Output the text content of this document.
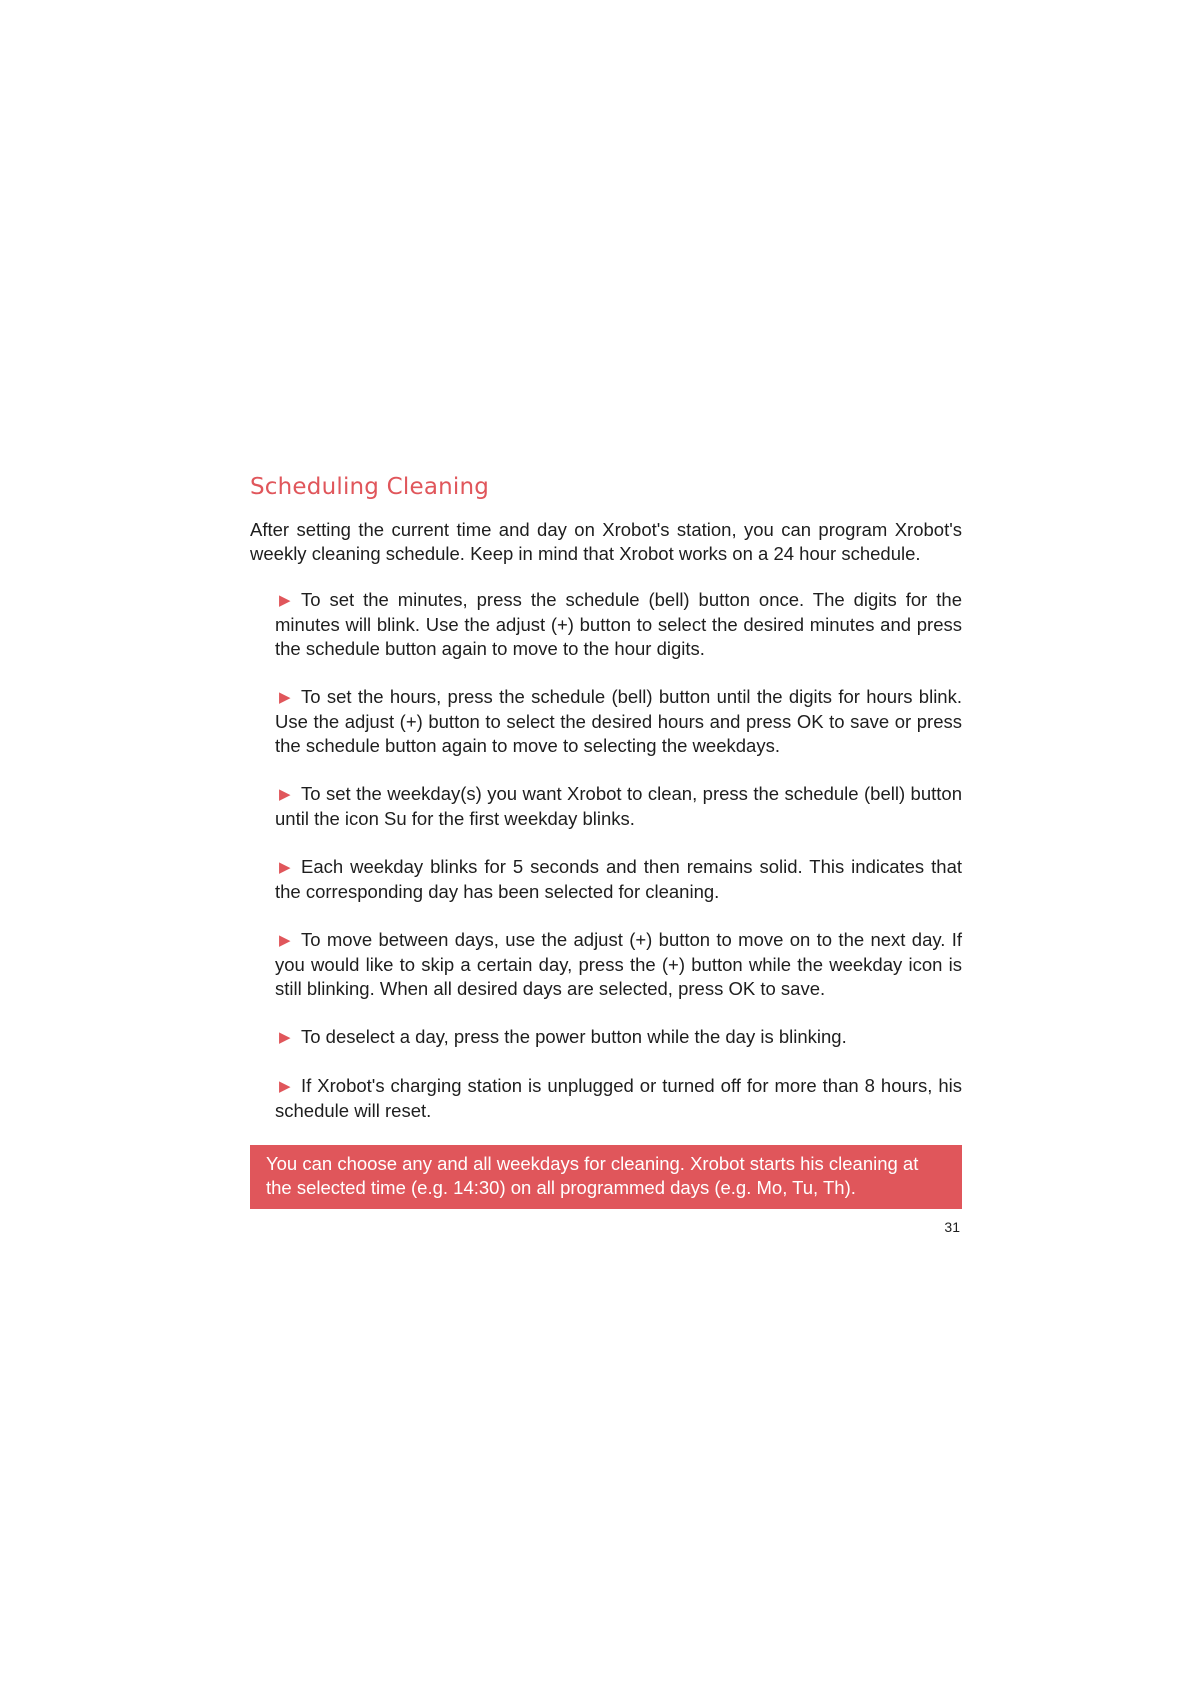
Scheduling Cleaning

After setting the current time and day on Xrobot's station, you can program Xrobot's weekly cleaning schedule. Keep in mind that Xrobot works on a 24 hour schedule.

▶ To set the minutes, press the schedule (bell) button once. The digits for the minutes will blink. Use the adjust (+) button to select the desired minutes and press the schedule button again to move to the hour digits.
▶ To set the hours, press the schedule (bell) button until the digits for hours blink. Use the adjust (+) button to select the desired hours and press OK to save or press the schedule button again to move to selecting the weekdays.
▶ To set the weekday(s) you want Xrobot to clean, press the schedule (bell) button until the icon Su for the first weekday blinks.
▶ Each weekday blinks for 5 seconds and then remains solid. This indicates that the corresponding day has been selected for cleaning.
▶ To move between days, use the adjust (+) button to move on to the next day. If you would like to skip a certain day, press the (+) button while the weekday icon is still blinking. When all desired days are selected, press OK to save.
▶ To deselect a day, press the power button while the day is blinking.
▶ If Xrobot's charging station is unplugged or turned off for more than 8 hours, his schedule will reset.
You can choose any and all weekdays for cleaning. Xrobot starts his cleaning at the selected time (e.g. 14:30) on all programmed days (e.g. Mo, Tu, Th).
31
